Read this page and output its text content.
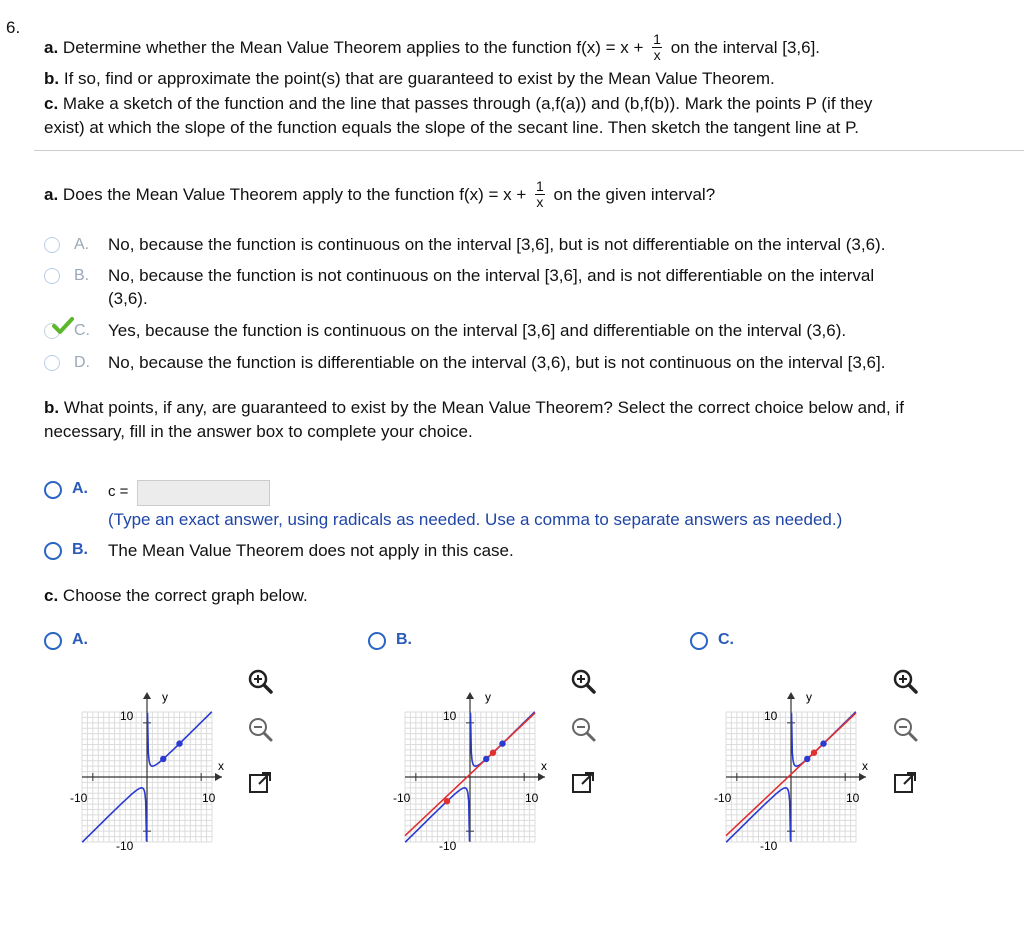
6.
a. Determine whether the Mean Value Theorem applies to the function $f(x) = x + \frac{1}{x}$ on the interval [3,6].
b. If so, find or approximate the point(s) that are guaranteed to exist by the Mean Value Theorem.
c. Make a sketch of the function and the line that passes through (a,f(a)) and (b,f(b)). Mark the points P (if they
exist) at which the slope of the function equals the slope of the secant line. Then sketch the tangent line at P.
a. Does the Mean Value Theorem apply to the function $f(x) = x + \frac{1}{x}$ on the given interval?
A. No, because the function is continuous on the interval [3,6], but is not differentiable on the interval (3,6).
B. No, because the function is not continuous on the interval [3,6], and is not differentiable on the interval
(3,6).
C. Yes, because the function is continuous on the interval [3,6] and differentiable on the interval (3,6).
D. No, because the function is differentiable on the interval (3,6), but is not continuous on the interval [3,6].
b. What points, if any, are guaranteed to exist by the Mean Value Theorem? Select the correct choice below and, if
necessary, fill in the answer box to complete your choice.
A. c =
(Type an exact answer, using radicals as needed. Use a comma to separate answers as needed.)
B. The Mean Value Theorem does not apply in this case.
c. Choose the correct graph below.
A.
y
x
10
-10
-10	10
B.
y
x
10
-10
-10	10
C.
y
x
10
-10
-10	10
